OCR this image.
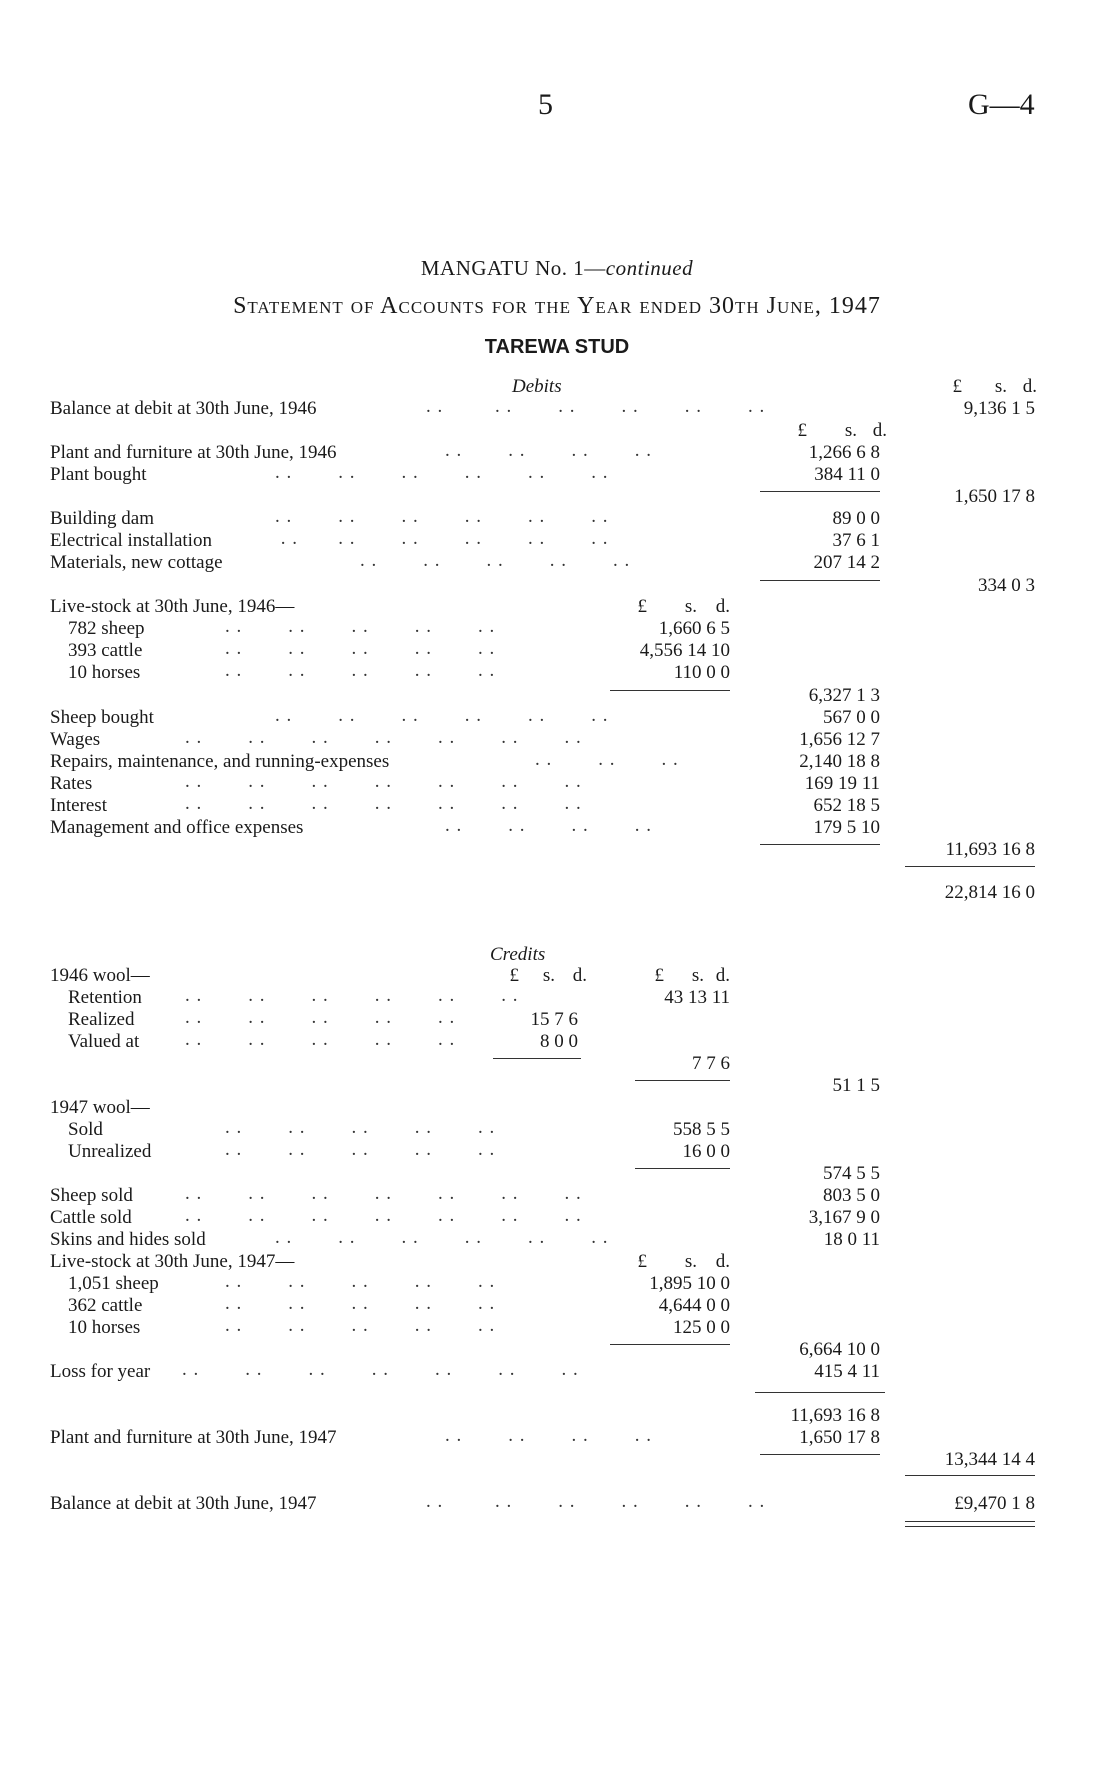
5	G—4
MANGATU No. 1—continued
Statement of Accounts for the Year ended 30th June, 1947
TAREWA STUD
Debits	£	s. d.
Balance at debit at 30th June, 1946	. .         . .        . .        . .        . .        . .	9,136 1 5
£	s. d.
Plant and furniture at 30th June, 1946	. .        . .        . .        . .	1,266 6 8
Plant bought	. .        . .        . .        . .        . .        . .	384 11 0
1,650 17 8
Building dam	. .        . .        . .        . .        . .        . .	89 0 0
Electrical installation	. .       . .        . .        . .        . .        . .	37 6 1
Materials, new cottage	. .        . .        . .        . .        . .	207 14 2
334 0 3
Live-stock at 30th June, 1946—	£	s. d.
782 sheep	. .        . .        . .        . .        . .	1,660 6 5
393 cattle	. .        . .        . .        . .        . .	4,556 14 10
10 horses	. .        . .        . .        . .        . .	110 0 0
6,327 1 3
Sheep bought	. .        . .        . .        . .        . .        . .	567 0 0
Wages	. .        . .        . .        . .        . .        . .        . .	1,656 12 7
Repairs, maintenance, and running-expenses	. .        . .        . .	2,140 18 8
Rates	. .        . .        . .        . .        . .        . .        . .	169 19 11
Interest	. .        . .        . .        . .        . .        . .        . .	652 18 5
Management and office expenses	. .        . .        . .        . .	179 5 10
11,693 16 8
22,814 16 0
Credits
1946 wool—	£	s. d.	£	s. d.
Retention . .        . .        . .        . .        . .        . .	43 13 11
Realized	. .        . .        . .        . .        . .	15 7 6
Valued at . .        . .        . .        . .        . .	8 0 0
7 7 6
51 1 5
1947 wool—
Sold	. .        . .        . .        . .        . .	558 5 5
Unrealized	. .        . .        . .        . .        . .	16 0 0
574 5 5
Sheep sold	. .        . .        . .        . .        . .        . .        . .	803 5 0
Cattle sold	. .        . .        . .        . .        . .        . .        . .	3,167 9 0
Skins and hides sold	. .        . .        . .        . .        . .        . .	18 0 11
Live-stock at 30th June, 1947—	£	s. d.
1,051 sheep	. .        . .        . .        . .        . .	1,895 10 0
362 cattle	. .        . .        . .        . .        . .	4,644 0 0
10 horses	. .        . .        . .        . .        . .	125 0 0
6,664 10 0
Loss for year . .        . .        . .        . .        . .        . .        . .	415 4 11
11,693 16 8
Plant and furniture at 30th June, 1947	. .        . .        . .        . .	1,650 17 8
13,344 14 4
Balance at debit at 30th June, 1947	. .         . .        . .        . .        . .        . .	£9,470 1 8
